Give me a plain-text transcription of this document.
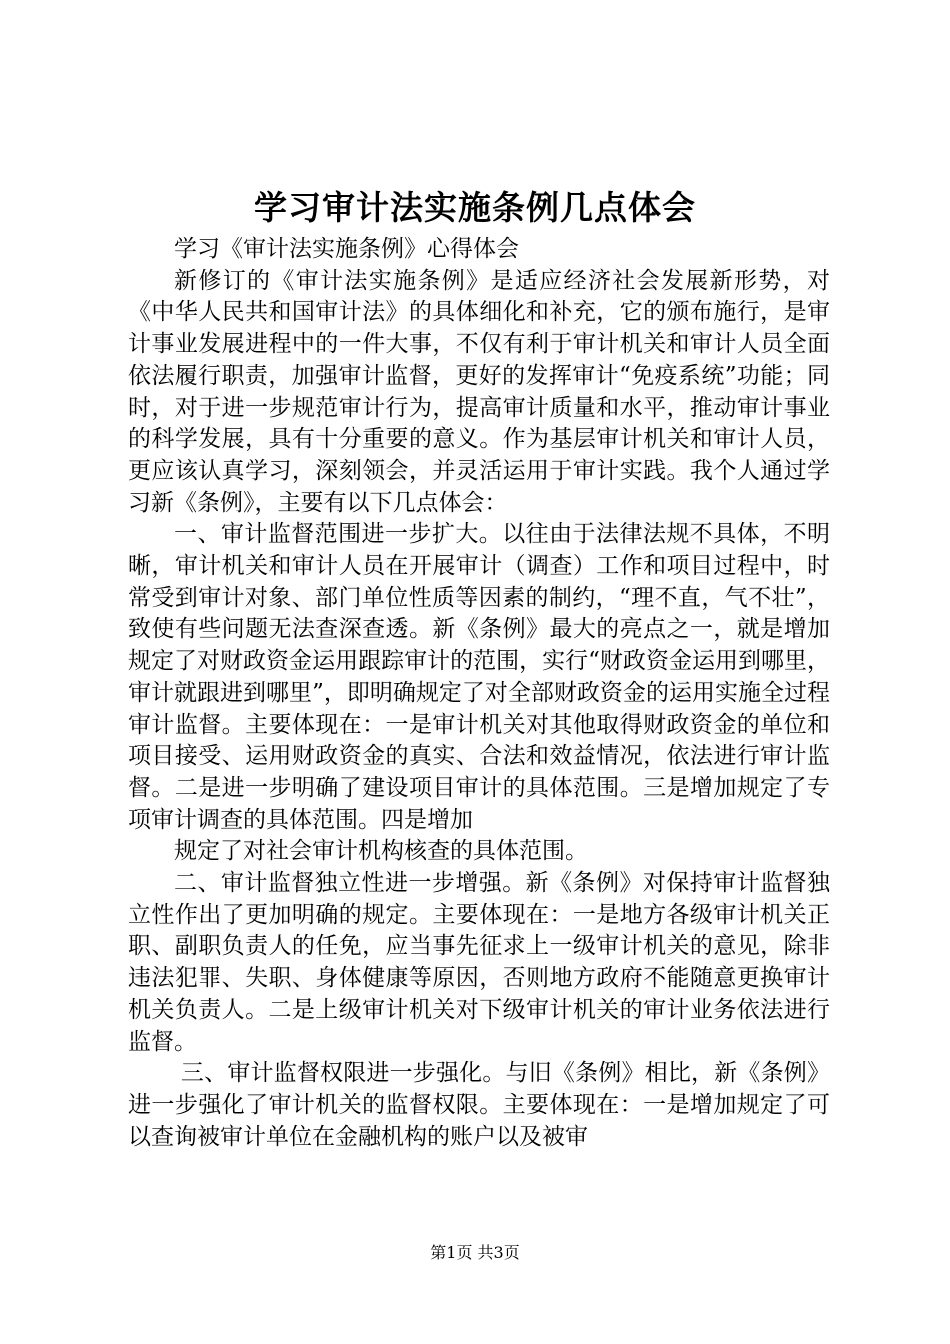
学习审计法实施条例几点体会

学习《审计法实施条例》心得体会

新修订的《审计法实施条例》是适应经济社会发展新形势，对《中华人民共和国审计法》的具体细化和补充，它的颁布施行，是审计事业发展进程中的一件大事，不仅有利于审计机关和审计人员全面依法履行职责，加强审计监督，更好的发挥审计“免疫系统”功能；同时，对于进一步规范审计行为，提高审计质量和水平，推动审计事业的科学发展，具有十分重要的意义。作为基层审计机关和审计人员，更应该认真学习，深刻领会，并灵活运用于审计实践。我个人通过学习新《条例》，主要有以下几点体会：

一、审计监督范围进一步扩大。以往由于法律法规不具体，不明晰，审计机关和审计人员在开展审计（调查）工作和项目过程中，时常受到审计对象、部门单位性质等因素的制约，“理不直，气不壮”，致使有些问题无法查深查透。新《条例》最大的亮点之一，就是增加规定了对财政资金运用跟踪审计的范围，实行“财政资金运用到哪里，审计就跟进到哪里”，即明确规定了对全部财政资金的运用实施全过程审计监督。主要体现在：一是审计机关对其他取得财政资金的单位和项目接受、运用财政资金的真实、合法和效益情况，依法进行审计监督。二是进一步明确了建设项目审计的具体范围。三是增加规定了专项审计调查的具体范围。四是增加

规定了对社会审计机构核查的具体范围。

二、审计监督独立性进一步增强。新《条例》对保持审计监督独立性作出了更加明确的规定。主要体现在：一是地方各级审计机关正职、副职负责人的任免，应当事先征求上一级审计机关的意见，除非违法犯罪、失职、身体健康等原因，否则地方政府不能随意更换审计机关负责人。二是上级审计机关对下级审计机关的审计业务依法进行监督。

三、审计监督权限进一步强化。与旧《条例》相比，新《条例》进一步强化了审计机关的监督权限。主要体现在：一是增加规定了可以查询被审计单位在金融机构的账户以及被审

第1页 共3页
